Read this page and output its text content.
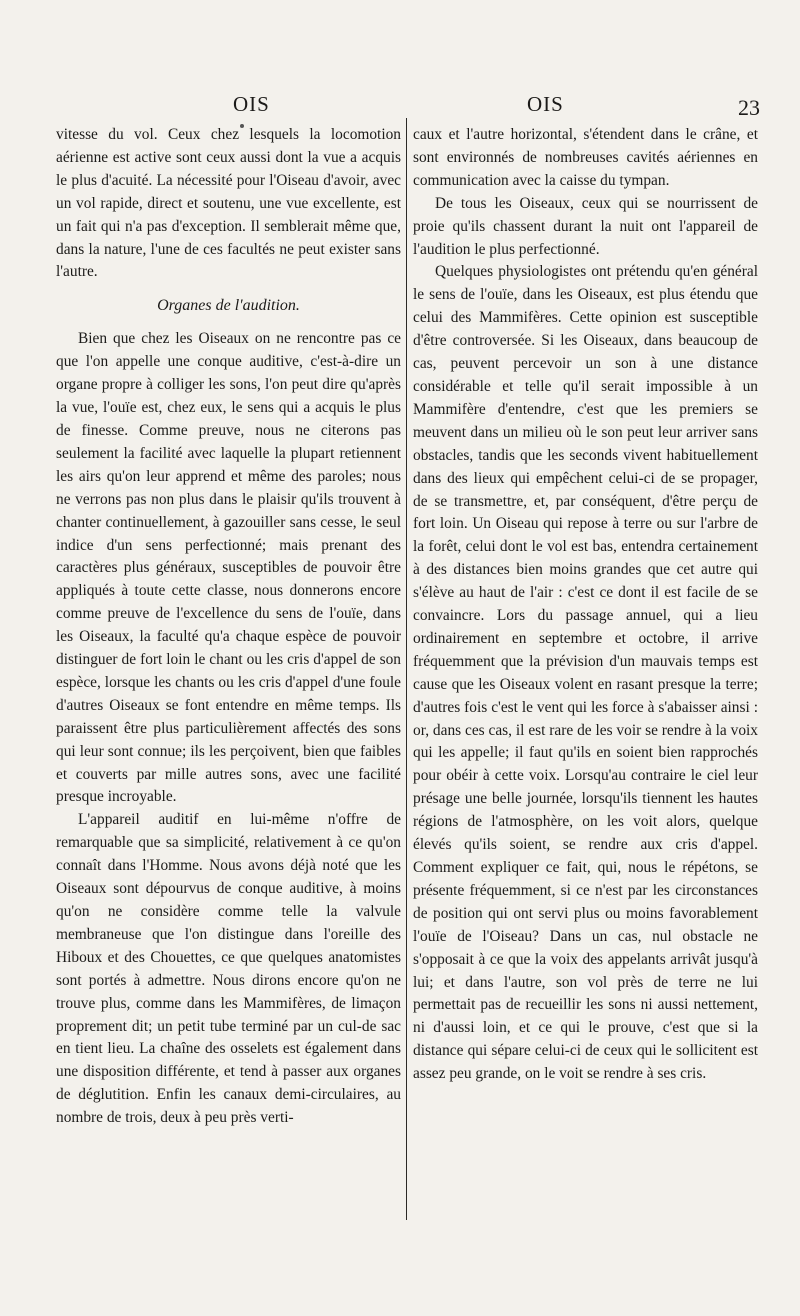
OIS	OIS	23

vitesse du vol. Ceux chez lesquels la locomotion aérienne est active sont ceux aussi dont la vue a acquis le plus d'acuité. La nécessité pour l'Oiseau d'avoir, avec un vol rapide, direct et soutenu, une vue excellente, est un fait qui n'a pas d'exception. Il semblerait même que, dans la nature, l'une de ces facultés ne peut exister sans l'autre.

Organes de l'audition.

Bien que chez les Oiseaux on ne rencontre pas ce que l'on appelle une conque auditive, c'est-à-dire un organe propre à colliger les sons, l'on peut dire qu'après la vue, l'ouïe est, chez eux, le sens qui a acquis le plus de finesse. Comme preuve, nous ne citerons pas seulement la facilité avec laquelle la plupart retiennent les airs qu'on leur apprend et même des paroles; nous ne verrons pas non plus dans le plaisir qu'ils trouvent à chanter continuellement, à gazouiller sans cesse, le seul indice d'un sens perfectionné; mais prenant des caractères plus généraux, susceptibles de pouvoir être appliqués à toute cette classe, nous donnerons encore comme preuve de l'excellence du sens de l'ouïe, dans les Oiseaux, la faculté qu'a chaque espèce de pouvoir distinguer de fort loin le chant ou les cris d'appel de son espèce, lorsque les chants ou les cris d'appel d'une foule d'autres Oiseaux se font entendre en même temps. Ils paraissent être plus particulièrement affectés des sons qui leur sont connue; ils les perçoivent, bien que faibles et couverts par mille autres sons, avec une facilité presque incroyable.

L'appareil auditif en lui-même n'offre de remarquable que sa simplicité, relativement à ce qu'on connaît dans l'Homme. Nous avons déjà noté que les Oiseaux sont dépourvus de conque auditive, à moins qu'on ne considère comme telle la valvule membraneuse que l'on distingue dans l'oreille des Hiboux et des Chouettes, ce que quelques anatomistes sont portés à admettre. Nous dirons encore qu'on ne trouve plus, comme dans les Mammifères, de limaçon proprement dit; un petit tube terminé par un cul-de sac en tient lieu. La chaîne des osselets est également dans une disposition différente, et tend à passer aux organes de déglutition. Enfin les canaux demi-circulaires, au nombre de trois, deux à peu près verti-

caux et l'autre horizontal, s'étendent dans le crâne, et sont environnés de nombreuses cavités aériennes en communication avec la caisse du tympan.

De tous les Oiseaux, ceux qui se nourrissent de proie qu'ils chassent durant la nuit ont l'appareil de l'audition le plus perfectionné.

Quelques physiologistes ont prétendu qu'en général le sens de l'ouïe, dans les Oiseaux, est plus étendu que celui des Mammifères. Cette opinion est susceptible d'être controversée. Si les Oiseaux, dans beaucoup de cas, peuvent percevoir un son à une distance considérable et telle qu'il serait impossible à un Mammifère d'entendre, c'est que les premiers se meuvent dans un milieu où le son peut leur arriver sans obstacles, tandis que les seconds vivent habituellement dans des lieux qui empêchent celui-ci de se propager, de se transmettre, et, par conséquent, d'être perçu de fort loin. Un Oiseau qui repose à terre ou sur l'arbre de la forêt, celui dont le vol est bas, entendra certainement à des distances bien moins grandes que cet autre qui s'élève au haut de l'air : c'est ce dont il est facile de se convaincre. Lors du passage annuel, qui a lieu ordinairement en septembre et octobre, il arrive fréquemment que la prévision d'un mauvais temps est cause que les Oiseaux volent en rasant presque la terre; d'autres fois c'est le vent qui les force à s'abaisser ainsi : or, dans ces cas, il est rare de les voir se rendre à la voix qui les appelle; il faut qu'ils en soient bien rapprochés pour obéir à cette voix. Lorsqu'au contraire le ciel leur présage une belle journée, lorsqu'ils tiennent les hautes régions de l'atmosphère, on les voit alors, quelque élevés qu'ils soient, se rendre aux cris d'appel. Comment expliquer ce fait, qui, nous le répétons, se présente fréquemment, si ce n'est par les circonstances de position qui ont servi plus ou moins favorablement l'ouïe de l'Oiseau? Dans un cas, nul obstacle ne s'opposait à ce que la voix des appelants arrivât jusqu'à lui; et dans l'autre, son vol près de terre ne lui permettait pas de recueillir les sons ni aussi nettement, ni d'aussi loin, et ce qui le prouve, c'est que si la distance qui sépare celui-ci de ceux qui le sollicitent est assez peu grande, on le voit se rendre à ses cris.
